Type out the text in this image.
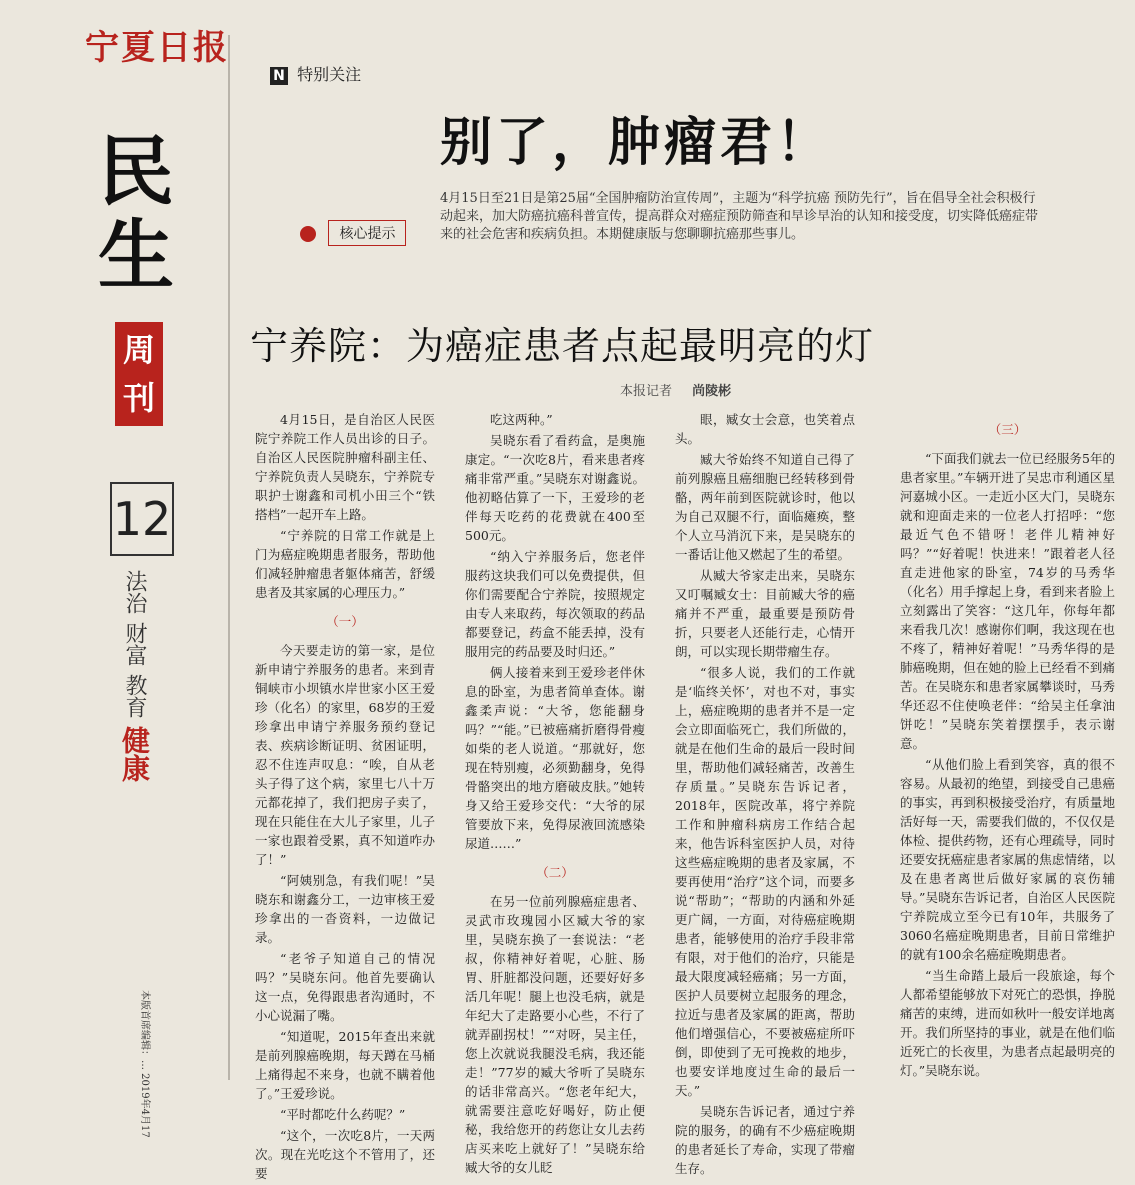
宁夏日报
民生
周刊
12
法治
财富
教育
健康
本版首席编辑：… 2019年4月17
N 特别关注
别了，肿瘤君！
核心提示
4月15日至21日是第25届“全国肿瘤防治宣传周”，主题为“科学抗癌 预防先行”，旨在倡导全社会积极行动起来，加大防癌抗癌科普宣传，提高群众对癌症预防筛查和早诊早治的认知和接受度，切实降低癌症带来的社会危害和疾病负担。本期健康版与您聊聊抗癌那些事儿。
宁养院：为癌症患者点起最明亮的灯
本报记者 尚陵彬

4月15日，是自治区人民医院宁养院工作人员出诊的日子。自治区人民医院肿瘤科副主任、宁养院负责人吴晓东，宁养院专职护士谢鑫和司机小田三个“铁搭档”一起开车上路。

“宁养院的日常工作就是上门为癌症晚期患者服务，帮助他们减轻肿瘤患者躯体痛苦，舒缓患者及其家属的心理压力。”

（一）

今天要走访的第一家，是位新申请宁养服务的患者。来到青铜峡市小坝镇水岸世家小区王爱珍（化名）的家里，68岁的王爱珍拿出申请宁养服务预约登记表、疾病诊断证明、贫困证明，忍不住连声叹息：“唉，自从老头子得了这个病，家里七八十万元都花掉了，我们把房子卖了，现在只能住在大儿子家里，儿子一家也跟着受累，真不知道咋办了！”

“阿姨别急，有我们呢！”吴晓东和谢鑫分工，一边审核王爱珍拿出的一沓资料，一边做记录。

“老爷子知道自己的情况吗？”吴晓东问。他首先要确认这一点，免得跟患者沟通时，不小心说漏了嘴。

“知道呢，2015年查出来就是前列腺癌晚期，每天蹲在马桶上痛得起不来身，也就不瞒着他了。”王爱珍说。

“平时都吃什么药呢？”

“这个，一次吃8片，一天两次。现在光吃这个不管用了，还要

吃这两种。”

吴晓东看了看药盒，是奥施康定。“一次吃8片，看来患者疼痛非常严重。”吴晓东对谢鑫说。他初略估算了一下，王爱珍的老伴每天吃药的花费就在400至500元。

“纳入宁养服务后，您老伴服药这块我们可以免费提供，但你们需要配合宁养院，按照规定由专人来取药，每次领取的药品都要登记，药盒不能丢掉，没有服用完的药品要及时归还。”

俩人接着来到王爱珍老伴休息的卧室，为患者简单查体。谢鑫柔声说：“大爷，您能翻身吗？”“能。”已被癌痛折磨得骨瘦如柴的老人说道。“那就好，您现在特别瘦，必须勤翻身，免得骨骼突出的地方磨破皮肤。”她转身又给王爱珍交代：“大爷的尿管要放下来，免得尿液回流感染尿道……”

（二）

在另一位前列腺癌症患者、灵武市玫瑰园小区臧大爷的家里，吴晓东换了一套说法：“老叔，你精神好着呢，心脏、肠胃、肝脏都没问题，还要好好多活几年呢！腿上也没毛病，就是年纪大了走路要小心些，不行了就弄副拐杖！”“对呀，吴主任，您上次就说我腿没毛病，我还能走！”77岁的臧大爷听了吴晓东的话非常高兴。“您老年纪大，就需要注意吃好喝好，防止便秘，我给您开的药您让女儿去药店买来吃上就好了！”吴晓东给臧大爷的女儿眨

眼，臧女士会意，也笑着点头。

臧大爷始终不知道自己得了前列腺癌且癌细胞已经转移到骨骼，两年前到医院就诊时，他以为自己双腿不行，面临瘫痪，整个人立马消沉下来，是吴晓东的一番话让他又燃起了生的希望。

从臧大爷家走出来，吴晓东又叮嘱臧女士：目前臧大爷的癌痛并不严重，最重要是预防骨折，只要老人还能行走，心情开朗，可以实现长期带瘤生存。

“很多人说，我们的工作就是‘临终关怀’，对也不对，事实上，癌症晚期的患者并不是一定会立即面临死亡，我们所做的，就是在他们生命的最后一段时间里，帮助他们减轻痛苦，改善生存质量。”吴晓东告诉记者，2018年，医院改革，将宁养院工作和肿瘤科病房工作结合起来，他告诉科室医护人员，对待这些癌症晚期的患者及家属，不要再使用“治疗”这个词，而要多说“帮助”；“帮助的内涵和外延更广阔，一方面，对待癌症晚期患者，能够使用的治疗手段非常有限，对于他们的治疗，只能是最大限度减轻癌痛；另一方面，医护人员要树立起服务的理念，拉近与患者及家属的距离，帮助他们增强信心，不要被癌症所吓倒，即使到了无可挽救的地步，也要安详地度过生命的最后一天。”

吴晓东告诉记者，通过宁养院的服务，的确有不少癌症晚期的患者延长了寿命，实现了带瘤生存。

（三）

“下面我们就去一位已经服务5年的患者家里。”车辆开进了吴忠市利通区星河嘉城小区。一走近小区大门，吴晓东就和迎面走来的一位老人打招呼：“您最近气色不错呀！老伴儿精神好吗？”“好着呢！快进来！”跟着老人径直走进他家的卧室，74岁的马秀华（化名）用手撑起上身，看到来者脸上立刻露出了笑容：“这几年，你每年都来看我几次！感谢你们啊，我这现在也不疼了，精神好着呢！”马秀华得的是肺癌晚期，但在她的脸上已经看不到痛苦。在吴晓东和患者家属攀谈时，马秀华还忍不住使唤老伴：“给吴主任拿油饼吃！”吴晓东笑着摆摆手，表示谢意。

“从他们脸上看到笑容，真的很不容易。从最初的绝望，到接受自己患癌的事实，再到积极接受治疗，有质量地活好每一天，需要我们做的，不仅仅是体检、提供药物，还有心理疏导，同时还要安抚癌症患者家属的焦虑情绪，以及在患者离世后做好家属的哀伤辅导。”吴晓东告诉记者，自治区人民医院宁养院成立至今已有10年，共服务了3060名癌症晚期患者，目前日常维护的就有100余名癌症晚期患者。

“当生命踏上最后一段旅途，每个人都希望能够放下对死亡的恐惧，挣脱痛苦的束缚，进而如秋叶一般安详地离开。我们所坚持的事业，就是在他们临近死亡的长夜里，为患者点起最明亮的灯。”吴晓东说。
